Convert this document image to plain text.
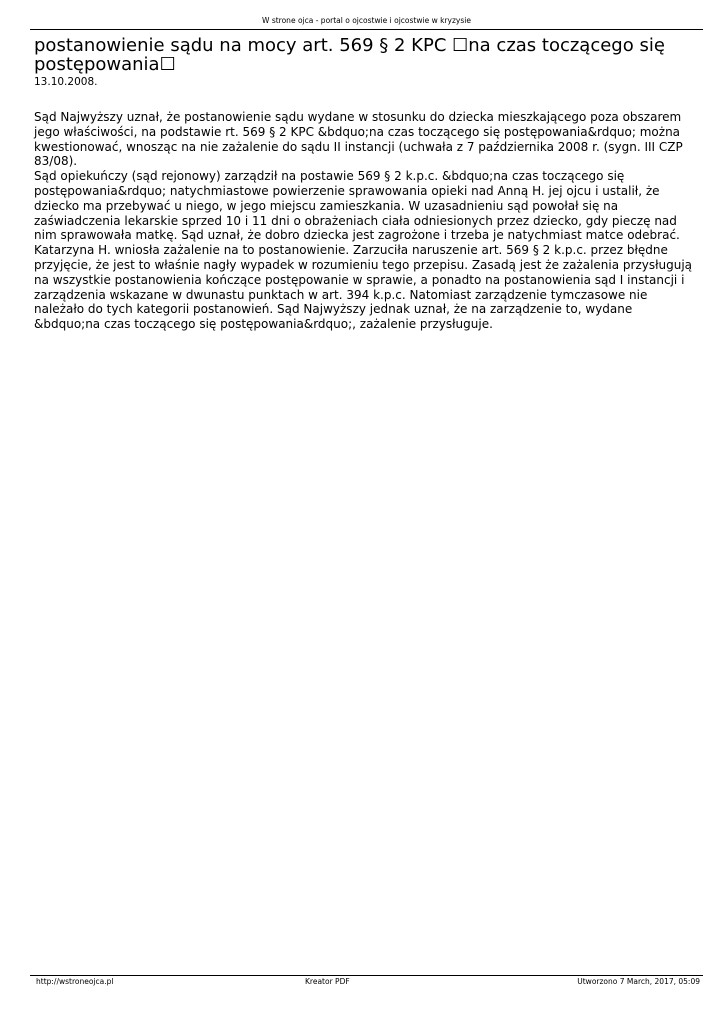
W strone ojca - portal o ojcostwie i ojcostwie w kryzysie
postanowienie sądu na mocy art. 569 § 2 KPC ☐na czas toczącego się postępowania☐
13.10.2008.

Sąd Najwyższy uznał, że postanowienie sądu wydane w stosunku do dziecka mieszkającego poza obszarem jego właściwości, na podstawie rt. 569 § 2 KPC &bdquo;na czas toczącego się postępowania&rdquo; można kwestionować, wnosząc na nie zażalenie do sądu II instancji (uchwała z 7 października 2008 r. (sygn. III CZP 83/08).

Sąd opiekuńczy (sąd rejonowy) zarządził na postawie 569 § 2 k.p.c. &bdquo;na czas toczącego się postępowania&rdquo; natychmiastowe powierzenie sprawowania opieki nad Anną H. jej ojcu i ustalił, że dziecko ma przebywać u niego, w jego miejscu zamieszkania. W uzasadnieniu sąd powołał się na zaświadczenia lekarskie sprzed 10 i 11 dni o obrażeniach ciała odniesionych przez dziecko, gdy pieczę nad nim sprawowała matkę. Sąd uznał, że dobro dziecka jest zagrożone i trzeba je natychmiast matce odebrać.

Katarzyna H. wniosła zażalenie na to postanowienie. Zarzuciła naruszenie art. 569 § 2 k.p.c. przez błędne przyjęcie, że jest to właśnie nagły wypadek w rozumieniu tego przepisu. Zasadą jest że zażalenia przysługują na wszystkie postanowienia kończące postępowanie w sprawie, a ponadto na postanowienia sąd I instancji i zarządzenia wskazane w dwunastu punktach w art. 394 k.p.c. Natomiast zarządzenie tymczasowe nie należało do tych kategorii postanowień. Sąd Najwyższy jednak uznał, że na zarządzenie to, wydane &bdquo;na czas toczącego się postępowania&rdquo;, zażalenie przysługuje.

http://wstroneojca.pl	Kreator PDF	Utworzono 7 March, 2017, 05:09
